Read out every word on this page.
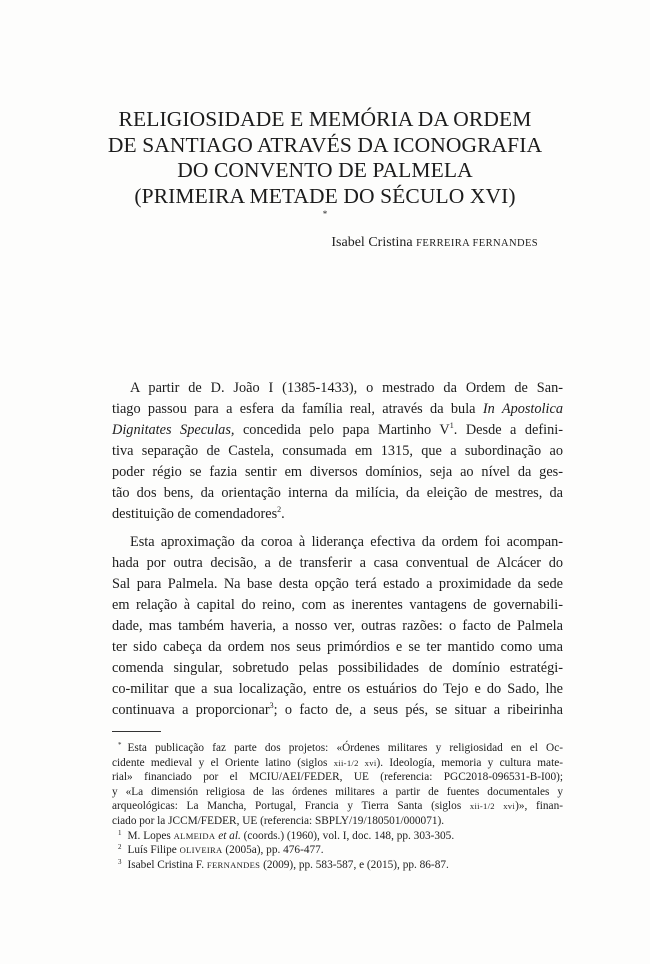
RELIGIOSIDADE E MEMÓRIA DA ORDEM
DE SANTIAGO ATRAVÉS DA ICONOGRAFIA
DO CONVENTO DE PALMELA
(PRIMEIRA METADE DO SÉCULO XVI)
*
Isabel Cristina FERREIRA FERNANDES

A partir de D. João I (1385-1433), o mestrado da Ordem de San-
tiago passou para a esfera da família real, através da bula In Apostolica
Dignitates Speculas, concedida pelo papa Martinho $V^1$. Desde a defini-
tiva separação de Castela, consumada em 1315, que a subordinação ao
poder régio se fazia sentir em diversos domínios, seja ao nível da ges-
tão dos bens, da orientação interna da milícia, da eleição de mestres, da
destituição de comendadores$^2$.

Esta aproximação da coroa à liderança efectiva da ordem foi acompan-
hada por outra decisão, a de transferir a casa conventual de Alcácer do
Sal para Palmela. Na base desta opção terá estado a proximidade da sede
em relação à capital do reino, com as inerentes vantagens de governabili-
dade, mas também haveria, a nosso ver, outras razões: o facto de Palmela
ter sido cabeça da ordem nos seus primórdios e se ter mantido como uma
comenda singular, sobretudo pelas possibilidades de domínio estratégi-
co-militar que a sua localização, entre os estuários do Tejo e do Sado, lhe
continuava a proporcionar$^3$; o facto de, a seus pés, se situar a ribeirinha

* Esta publicação faz parte dos projetos: «Órdenes militares y religiosidad en el Oc-
cidente medieval y el Oriente latino (siglos xii-1/2 xvi). Ideología, memoria y cultura mate-
rial» financiado por el MCIU/AEI/FEDER, UE (referencia: PGC2018-096531-B-I00);
y «La dimensión religiosa de las órdenes militares a partir de fuentes documentales y
arqueológicas: La Mancha, Portugal, Francia y Tierra Santa (siglos xii-1/2 xvi)», finan-
ciado por la JCCM/FEDER, UE (referencia: SBPLY/19/180501/000071).
$^1$ M. Lopes ALMEIDA et al. (coords.) (1960), vol. I, doc. 148, pp. 303-305.
$^2$ Luís Filipe OLIVEIRA (2005a), pp. 476-477.
$^3$ Isabel Cristina F. FERNANDES (2009), pp. 583-587, e (2015), pp. 86-87.
